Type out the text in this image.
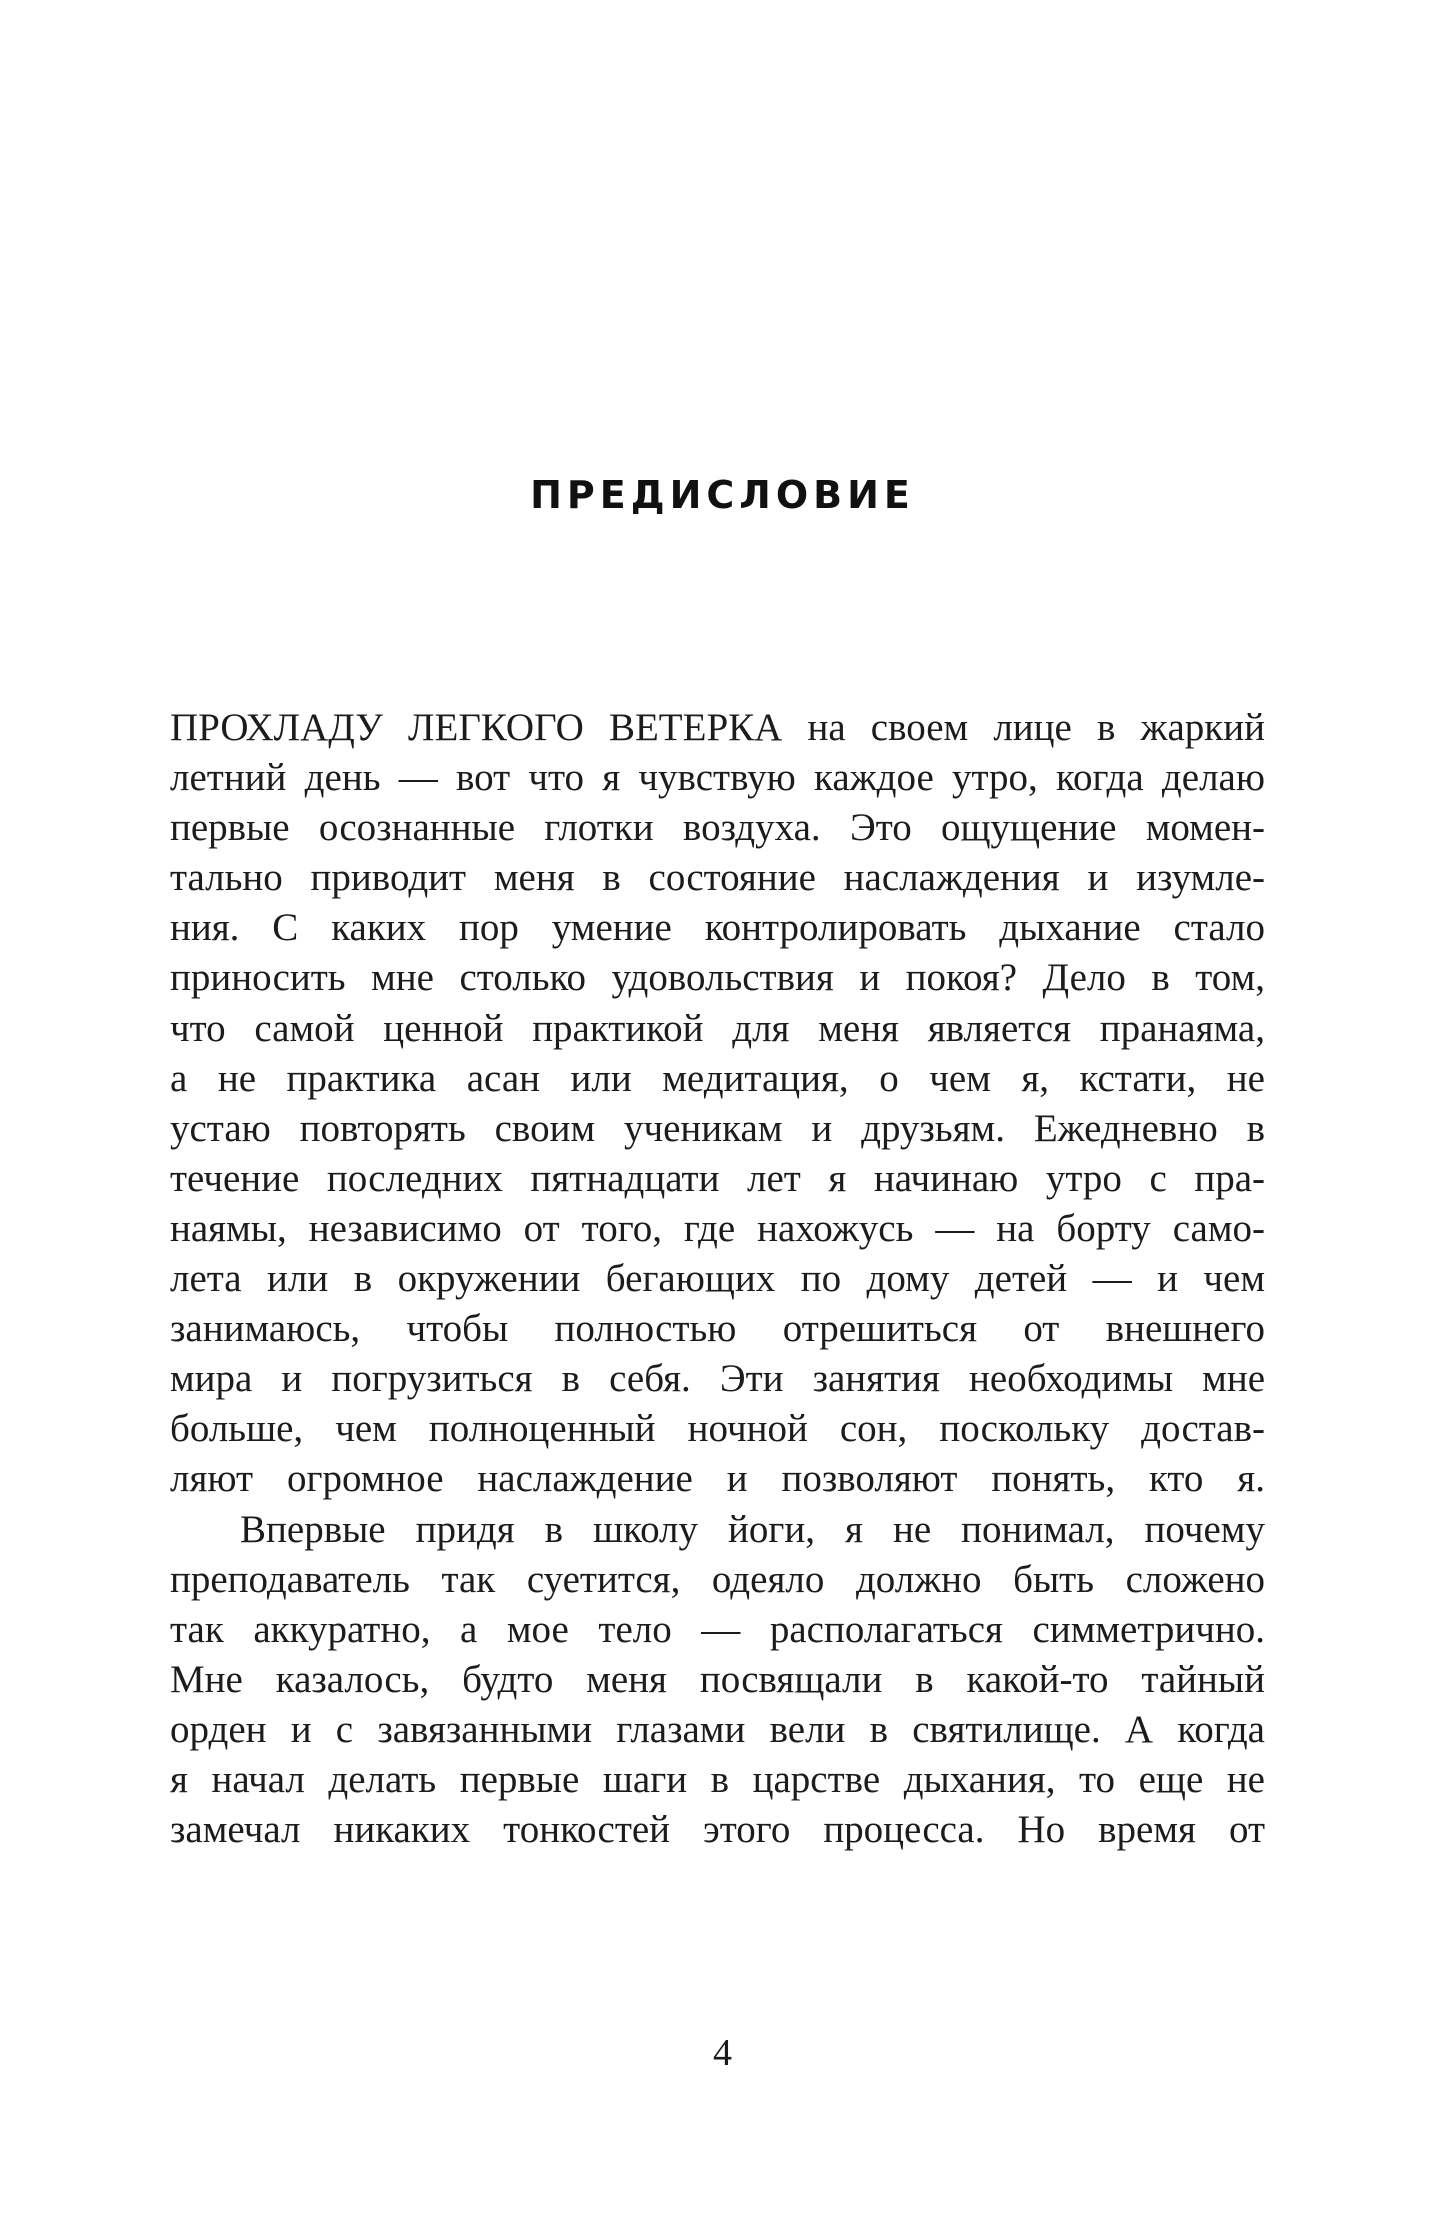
ПРЕДИСЛОВИЕ
ПРОХЛАДУ ЛЕГКОГО ВЕТЕРКА на своем лице в жаркий
летний день — вот что я чувствую каждое утро, когда делаю
первые осознанные глотки воздуха. Это ощущение момен-
тально приводит меня в состояние наслаждения и изумле-
ния. С каких пор умение контролировать дыхание стало
приносить мне столько удовольствия и покоя? Дело в том,
что самой ценной практикой для меня является пранаяма,
а не практика асан или медитация, о чем я, кстати, не
устаю повторять своим ученикам и друзьям. Ежедневно в
течение последних пятнадцати лет я начинаю утро с пра-
наямы, независимо от того, где нахожусь — на борту само-
лета или в окружении бегающих по дому детей — и чем
занимаюсь, чтобы полностью отрешиться от внешнего
мира и погрузиться в себя. Эти занятия необходимы мне
больше, чем полноценный ночной сон, поскольку достав-
ляют огромное наслаждение и позволяют понять, кто я.
Впервые придя в школу йоги, я не понимал, почему
преподаватель так суетится, одеяло должно быть сложено
так аккуратно, а мое тело — располагаться симметрично.
Мне казалось, будто меня посвящали в какой-то тайный
орден и с завязанными глазами вели в святилище. А когда
я начал делать первые шаги в царстве дыхания, то еще не
замечал никаких тонкостей этого процесса. Но время от
4
